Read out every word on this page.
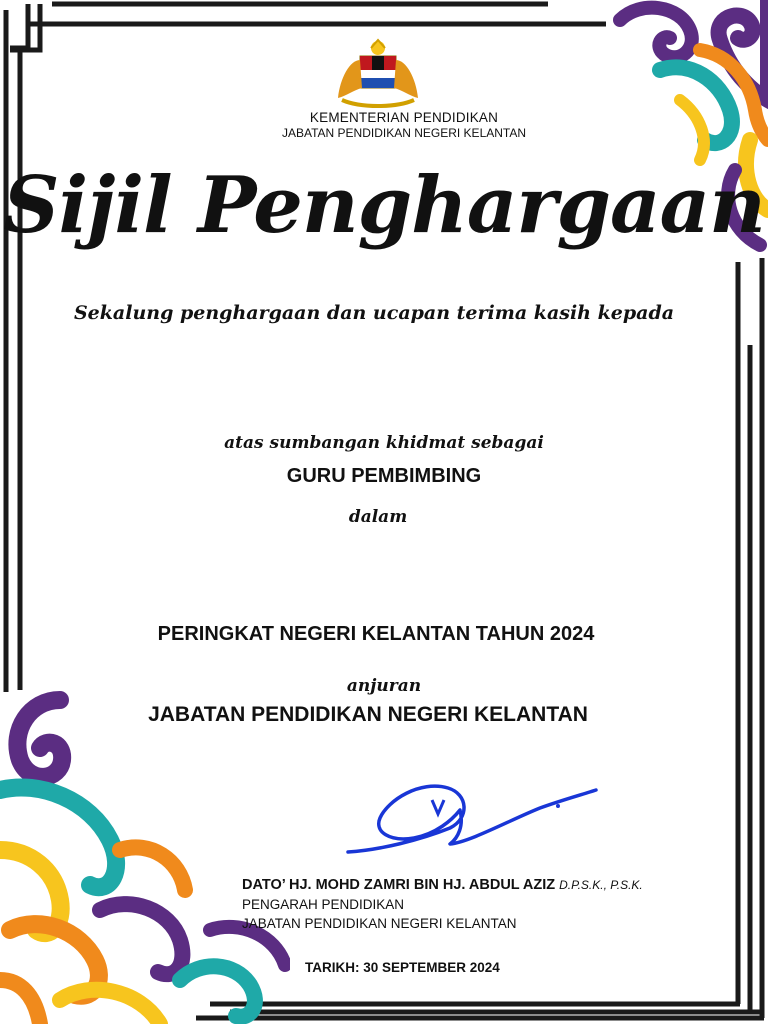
KEMENTERIAN PENDIDIKAN
JABATAN PENDIDIKAN NEGERI KELANTAN
Sijil Penghargaan
Sekalung penghargaan dan ucapan terima kasih kepada
atas sumbangan khidmat sebagai
GURU PEMBIMBING
dalam
PERINGKAT NEGERI KELANTAN TAHUN 2024
anjuran
JABATAN PENDIDIKAN NEGERI KELANTAN
DATO’ HJ. MOHD ZAMRI BIN HJ. ABDUL AZIZ D.P.S.K., P.S.K.
PENGARAH PENDIDIKAN
JABATAN PENDIDIKAN NEGERI KELANTAN
TARIKH: 30 SEPTEMBER 2024
